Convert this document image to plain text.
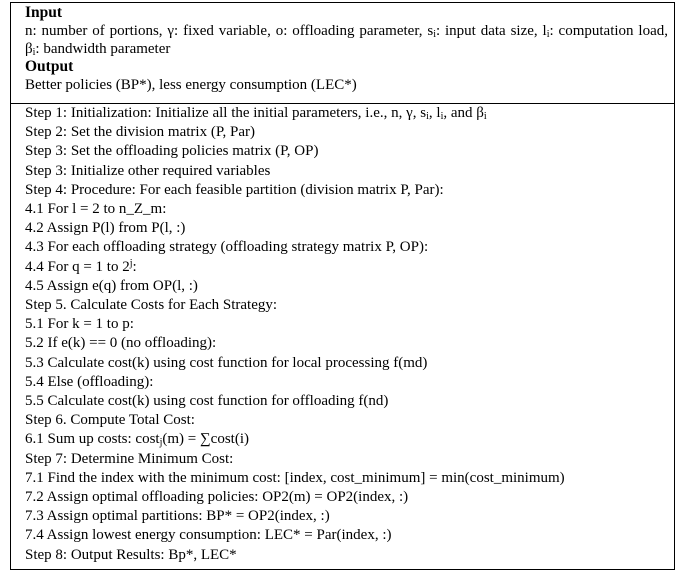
Input
n: number of portions, γ: fixed variable, o: offloading parameter, $s_i$: input data size, $l_i$: computation load, $\beta_i$: bandwidth parameter
Output
Better policies (BP*), less energy consumption (LEC*)
Step 1: Initialization: Initialize all the initial parameters, i.e., n, γ, $s_i$, $l_i$, and $\beta_i$
Step 2: Set the division matrix (P, Par)
Step 3: Set the offloading policies matrix (P, OP)
Step 3: Initialize other required variables
Step 4: Procedure: For each feasible partition (division matrix P, Par):
4.1 For l = 2 to n_Z_m:
4.2 Assign P(l) from P(l, :)
4.3 For each offloading strategy (offloading strategy matrix P, OP):
4.4 For q = 1 to 2$^j$:
4.5 Assign e(q) from OP(l, :)
Step 5. Calculate Costs for Each Strategy:
5.1 For k = 1 to p:
5.2 If e(k) == 0 (no offloading):
5.3 Calculate cost(k) using cost function for local processing f(md)
5.4 Else (offloading):
5.5 Calculate cost(k) using cost function for offloading f(nd)
Step 6. Compute Total Cost:
6.1 Sum up costs: cost$_j$(m) = ∑cost(i)
Step 7: Determine Minimum Cost:
7.1 Find the index with the minimum cost: [index, cost_minimum] = min(cost_minimum)
7.2 Assign optimal offloading policies: OP2(m) = OP2(index, :)
7.3 Assign optimal partitions: BP* = OP2(index, :)
7.4 Assign lowest energy consumption: LEC* = Par(index, :)
Step 8: Output Results: Bp*, LEC*
